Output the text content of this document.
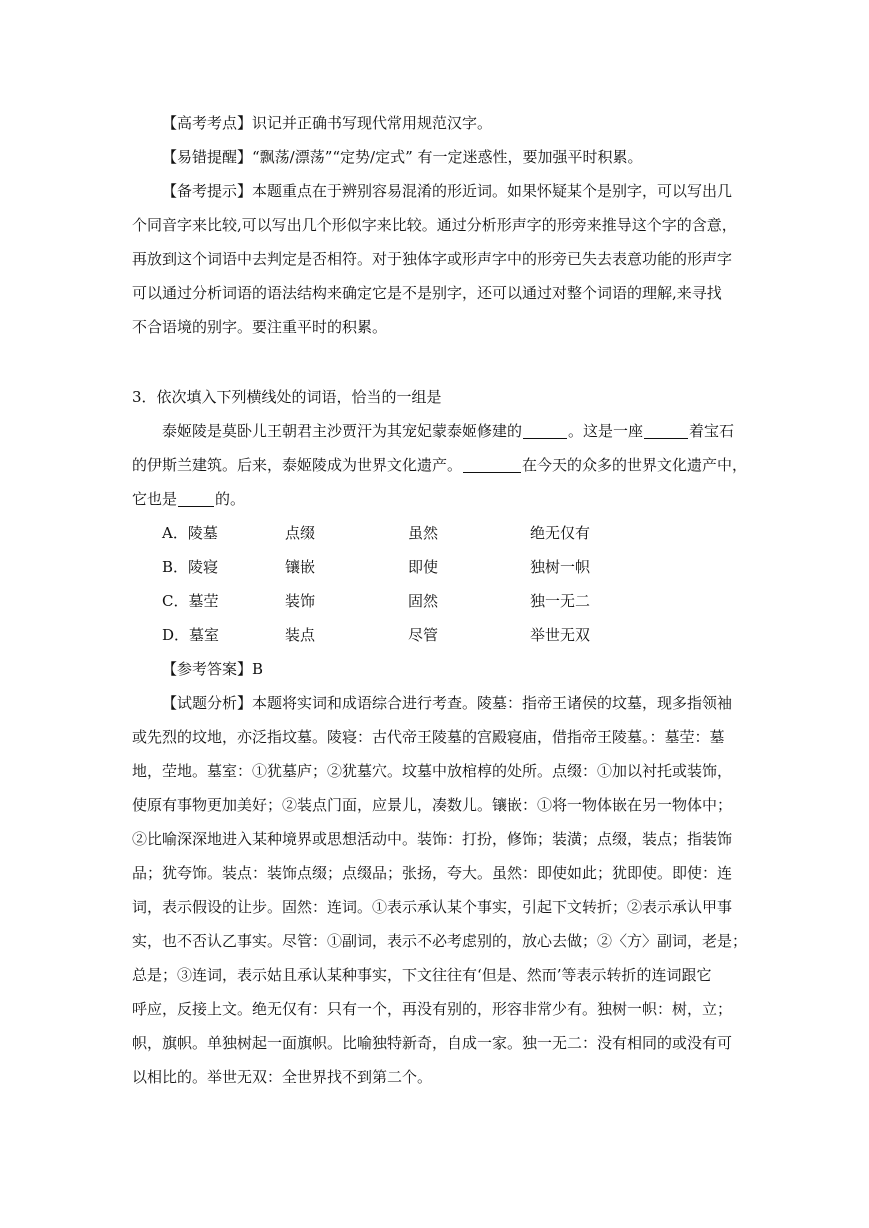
【高考考点】识记并正确书写现代常用规范汉字。
【易错提醒】“飘荡/漂荡”“定势/定式” 有一定迷惑性，要加强平时积累。
【备考提示】本题重点在于辨别容易混淆的形近词。如果怀疑某个是别字，可以写出几
个同音字来比较,可以写出几个形似字来比较。通过分析形声字的形旁来推导这个字的含意，
再放到这个词语中去判定是否相符。对于独体字或形声字中的形旁已失去表意功能的形声字
可以通过分析词语的语法结构来确定它是不是别字，还可以通过对整个词语的理解,来寻找
不合语境的别字。要注重平时的积累。
3．依次填入下列横线处的词语，恰当的一组是
泰姬陵是莫卧儿王朝君主沙贾汗为其宠妃蒙泰姬修建的	。这是一座	着宝石
的伊斯兰建筑。后来，泰姬陵成为世界文化遗产。	在今天的众多的世界文化遗产中，
它也是	的。
A．陵墓	点缀	虽然	绝无仅有
B．陵寝	镶嵌	即使	独树一帜
C．墓茔	装饰	固然	独一无二
D．墓室	装点	尽管	举世无双
【参考答案】B
【试题分析】本题将实词和成语综合进行考查。陵墓：指帝王诸侯的坟墓，现多指领袖
或先烈的坟地，亦泛指坟墓。陵寝：古代帝王陵墓的宫殿寝庙，借指帝王陵墓。：墓茔：墓
地，茔地。墓室：①犹墓庐；②犹墓穴。坟墓中放棺椁的处所。点缀：①加以衬托或装饰，
使原有事物更加美好；②装点门面，应景儿，凑数儿。镶嵌：①将一物体嵌在另一物体中；
②比喻深深地进入某种境界或思想活动中。装饰：打扮，修饰；装潢；点缀，装点；指装饰
品；犹夸饰。装点：装饰点缀；点缀品；张扬，夸大。虽然：即使如此；犹即使。即使：连
词，表示假设的让步。固然：连词。①表示承认某个事实，引起下文转折；②表示承认甲事
实，也不否认乙事实。尽管：①副词，表示不必考虑别的，放心去做；②〈方〉副词，老是；
总是；③连词，表示姑且承认某种事实，下文往往有‘但是、然而’等表示转折的连词跟它
呼应，反接上文。绝无仅有：只有一个，再没有别的，形容非常少有。独树一帜：树，立；
帜，旗帜。单独树起一面旗帜。比喻独特新奇，自成一家。独一无二：没有相同的或没有可
以相比的。举世无双：全世界找不到第二个。
